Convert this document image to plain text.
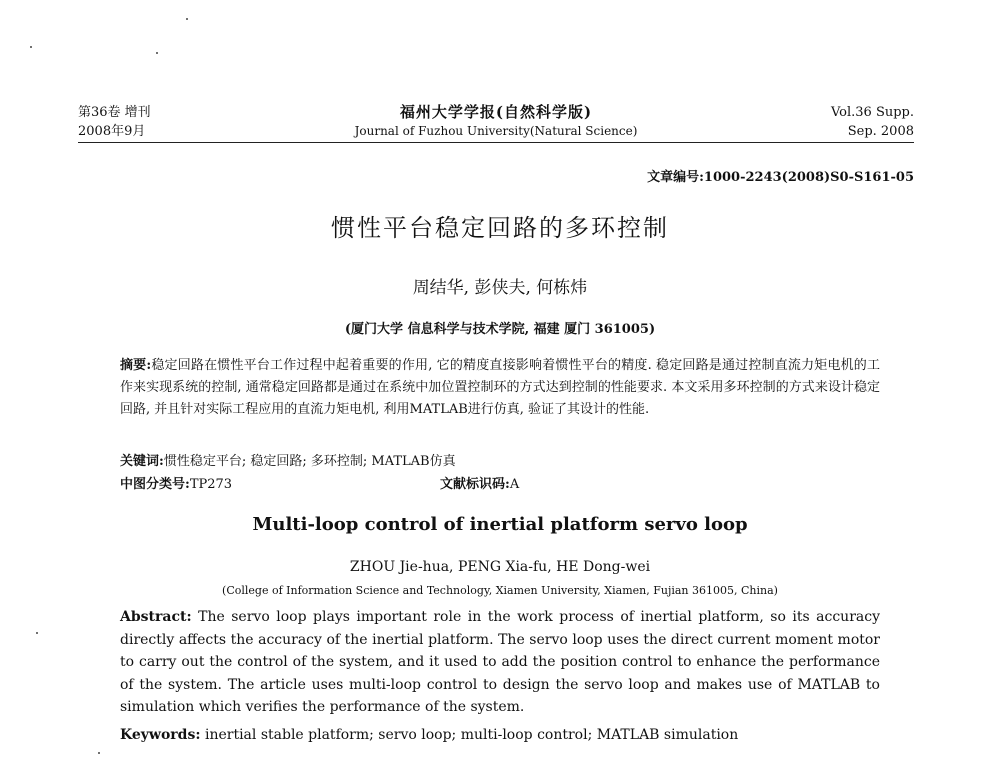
第36卷 增刊
2008年9月
福州大学学报(自然科学版)
Journal of Fuzhou University(Natural Science)
Vol.36 Supp.
Sep. 2008
文章编号:1000-2243(2008)S0-S161-05
惯性平台稳定回路的多环控制
周结华, 彭侠夫, 何栋炜
(厦门大学 信息科学与技术学院, 福建 厦门 361005)
摘要:稳定回路在惯性平台工作过程中起着重要的作用, 它的精度直接影响着惯性平台的精度. 稳定回路是通过控制直流力矩电机的工作来实现系统的控制, 通常稳定回路都是通过在系统中加位置控制环的方式达到控制的性能要求. 本文采用多环控制的方式来设计稳定回路, 并且针对实际工程应用的直流力矩电机, 利用MATLAB进行仿真, 验证了其设计的性能.
关键词:惯性稳定平台; 稳定回路; 多环控制; MATLAB仿真
中图分类号:TP273	文献标识码:A
Multi-loop control of inertial platform servo loop
ZHOU Jie-hua, PENG Xia-fu, HE Dong-wei
(College of Information Science and Technology, Xiamen University, Xiamen, Fujian 361005, China)
Abstract: The servo loop plays important role in the work process of inertial platform, so its accuracy directly affects the accuracy of the inertial platform. The servo loop uses the direct current moment motor to carry out the control of the system, and it used to add the position control to enhance the performance of the system. The article uses multi-loop control to design the servo loop and makes use of MATLAB to simulation which verifies the performance of the system.
Keywords: inertial stable platform; servo loop; multi-loop control; MATLAB simulation
